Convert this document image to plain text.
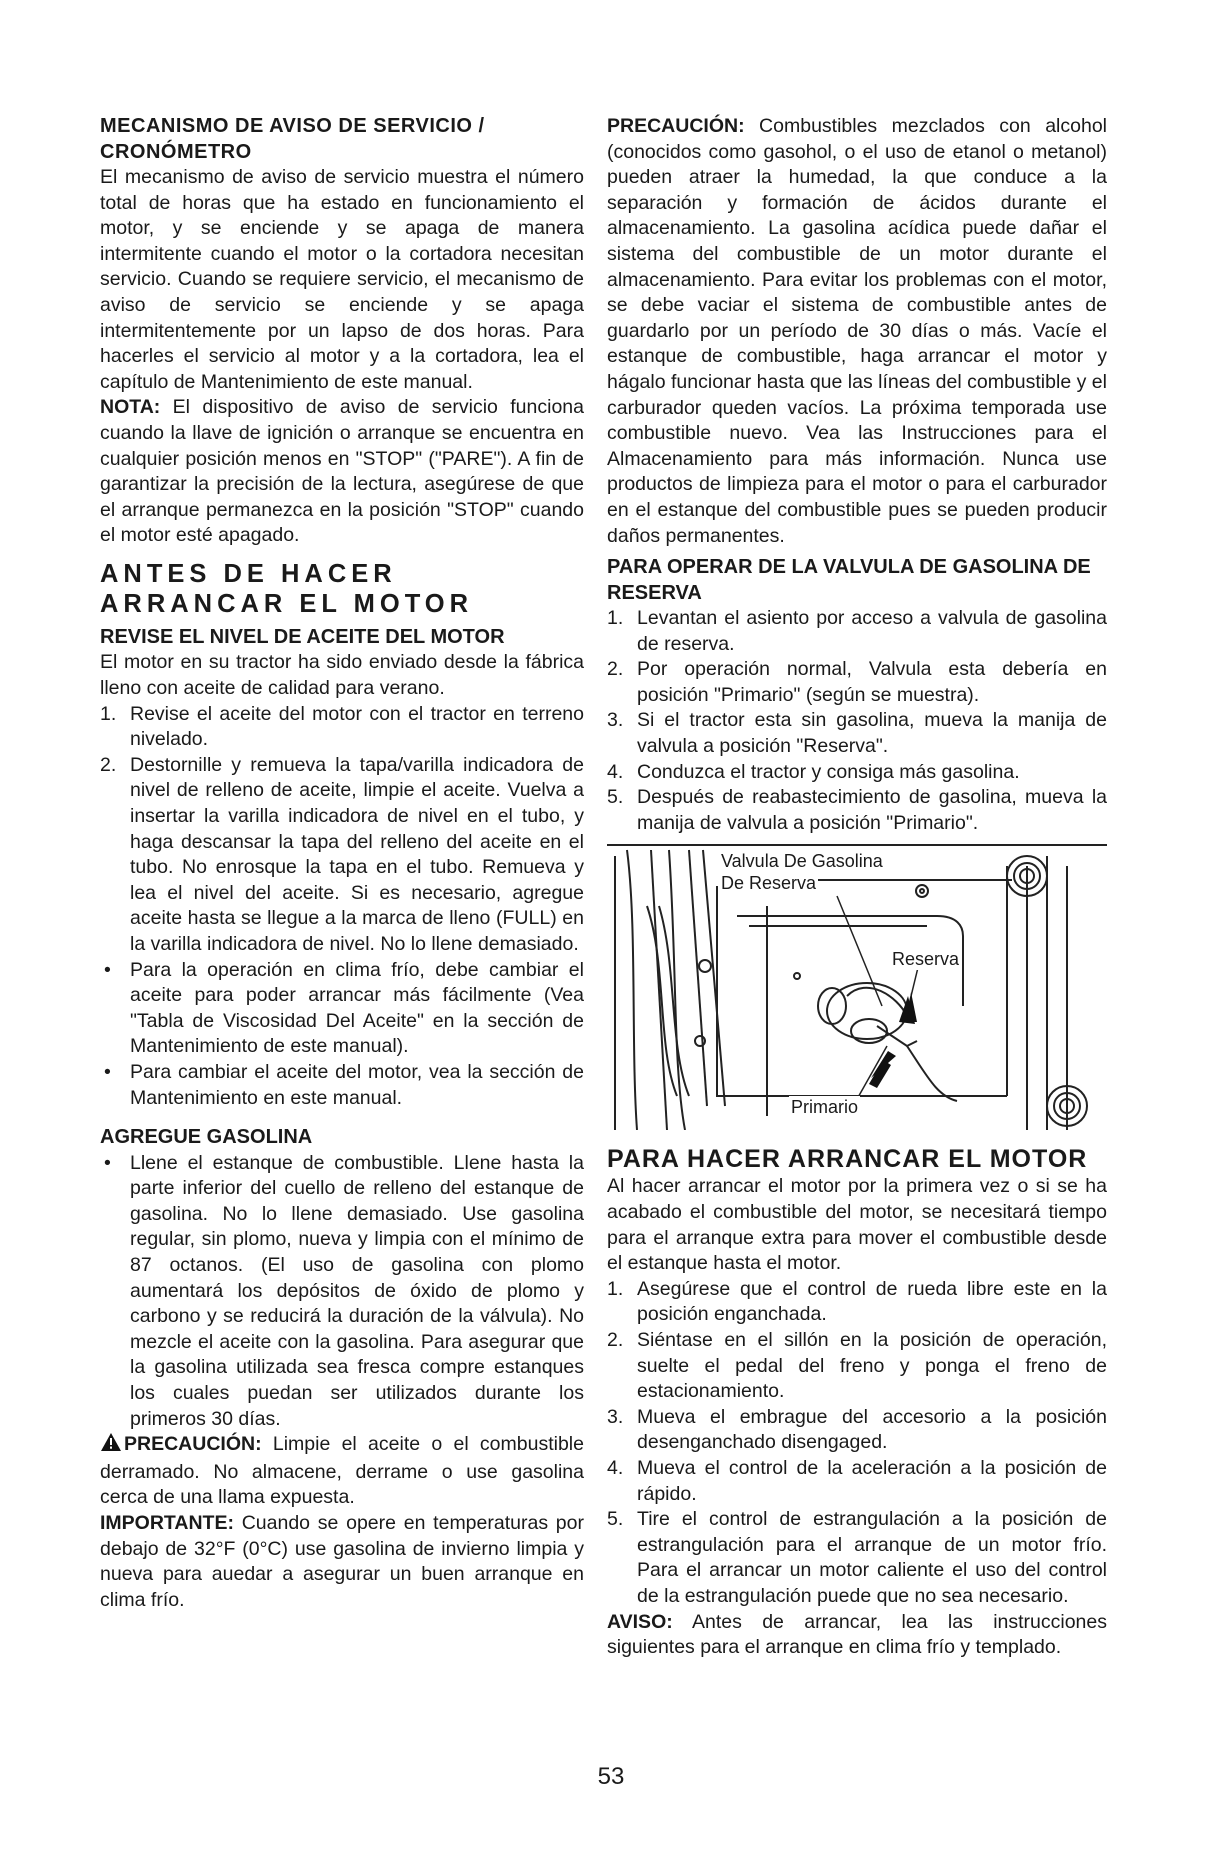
MECANISMO DE AVISO DE SERVICIO / CRONÓMETRO

El mecanismo de aviso de servicio muestra el número total de horas que ha estado en funcionamiento el motor, y se enciende y se apaga de manera intermitente cuando el motor o la cortadora necesitan servicio. Cuando se requiere servicio, el mecanismo de aviso de servicio se enciende y se apaga intermitentemente por un lapso de dos horas. Para hacerles el servicio al motor y a la cortadora, lea el capítulo de Mantenimiento de este manual.

NOTA: El dispositivo de aviso de servicio funciona cuando la llave de ignición o arranque se encuentra en cualquier posición menos en "STOP" ("PARE"). A fin de garantizar la precisión de la lectura, asegúrese de que el arranque permanezca en la posición "STOP" cuando el motor esté apagado.

ANTES DE HACER ARRANCAR EL MOTOR
REVISE EL NIVEL DE ACEITE DEL MOTOR

El motor en su tractor ha sido enviado desde la fábrica lleno con aceite de calidad para verano.

1. Revise el aceite del motor con el tractor en terreno nivelado.
2. Destornille y remueva la tapa/varilla indicadora de nivel de relleno de aceite, limpie el aceite. Vuelva a insertar la varilla indicadora de nivel en el tubo, y haga descansar la tapa del relleno del aceite en el tubo. No enrosque la tapa en el tubo. Remueva y lea el nivel del aceite. Si es necesario, agregue aceite hasta se llegue a la marca de lleno (FULL) en la varilla indicadora de nivel. No lo llene demasiado.
• Para la operación en clima frío, debe cambiar el aceite para poder arrancar más fácilmente (Vea "Tabla de Viscosidad Del Aceite" en la sección de Mantenimiento de este manual).
• Para cambiar el aceite del motor, vea la sección de Mantenimiento en este manual.
AGREGUE GASOLINA
• Llene el estanque de combustible. Llene hasta la parte inferior del cuello de relleno del estanque de gasolina. No lo llene demasiado. Use gasolina regular, sin plomo, nueva y limpia con el mínimo de 87 octanos. (El uso de gasolina con plomo aumentará los depósitos de óxido de plomo y carbono y se reducirá la duración de la válvula). No mezcle el aceite con la gasolina. Para asegurar que la gasolina utilizada sea fresca compre estanques los cuales puedan ser utilizados durante los primeros 30 días.

PRECAUCIÓN: Limpie el aceite o el combustible derramado. No almacene, derrame o use gasolina cerca de una llama expuesta.

IMPORTANTE: Cuando se opere en temperaturas por debajo de 32°F (0°C) use gasolina de invierno limpia y nueva para auedar a asegurar un buen arranque en clima frío.

PRECAUCIÓN: Combustibles mezclados con alcohol (conocidos como gasohol, o el uso de etanol o metanol) pueden atraer la humedad, la que conduce a la separación y formación de ácidos durante el almacenamiento. La gasolina acídica puede dañar el sistema del combustible de un motor durante el almacenamiento. Para evitar los problemas con el motor, se debe vaciar el sistema de combustible antes de guardarlo por un período de 30 días o más. Vacíe el estanque de combustible, haga arrancar el motor y hágalo funcionar hasta que las líneas del combustible y el carburador queden vacíos. La próxima temporada use combustible nuevo. Vea las Instrucciones para el Almacenamiento para más información. Nunca use productos de limpieza para el motor o para el carburador en el estanque del combustible pues se pueden producir daños permanentes.

PARA OPERAR DE LA VALVULA DE GASOLINA DE RESERVA
1. Levantan el asiento por acceso a valvula de gasolina de reserva.
2. Por operación normal, Valvula esta debería en posición "Primario" (según se muestra).
3. Si el tractor esta sin gasolina, mueva la manija de valvula a posición "Reserva".
4. Conduzca el tractor y consiga más gasolina.
5. Después de reabastecimiento de gasolina, mueva la manija de valvula a posición "Primario".
Valvula De Gasolina
De Reserva
Reserva
Primario
PARA HACER ARRANCAR EL MOTOR

Al hacer arrancar el motor por la primera vez o si se ha acabado el combustible del motor, se necesitará tiempo para el arranque extra para mover el combustible desde el estanque hasta el motor.

1. Asegúrese que el control de rueda libre este en la posición enganchada.
2. Siéntase en el sillón en la posición de operación, suelte el pedal del freno y ponga el freno de estacionamiento.
3. Mueva el embrague del accesorio a la posición desenganchado disengaged.
4. Mueva el control de la aceleración a la posición de rápido.
5. Tire el control de estrangulación a la posición de estrangulación para el arranque de un motor frío. Para el arrancar un motor caliente el uso del control de la estrangulación puede que no sea necesario.

AVISO: Antes de arrancar, lea las instrucciones siguientes para el arranque en clima frío y templado.

53
